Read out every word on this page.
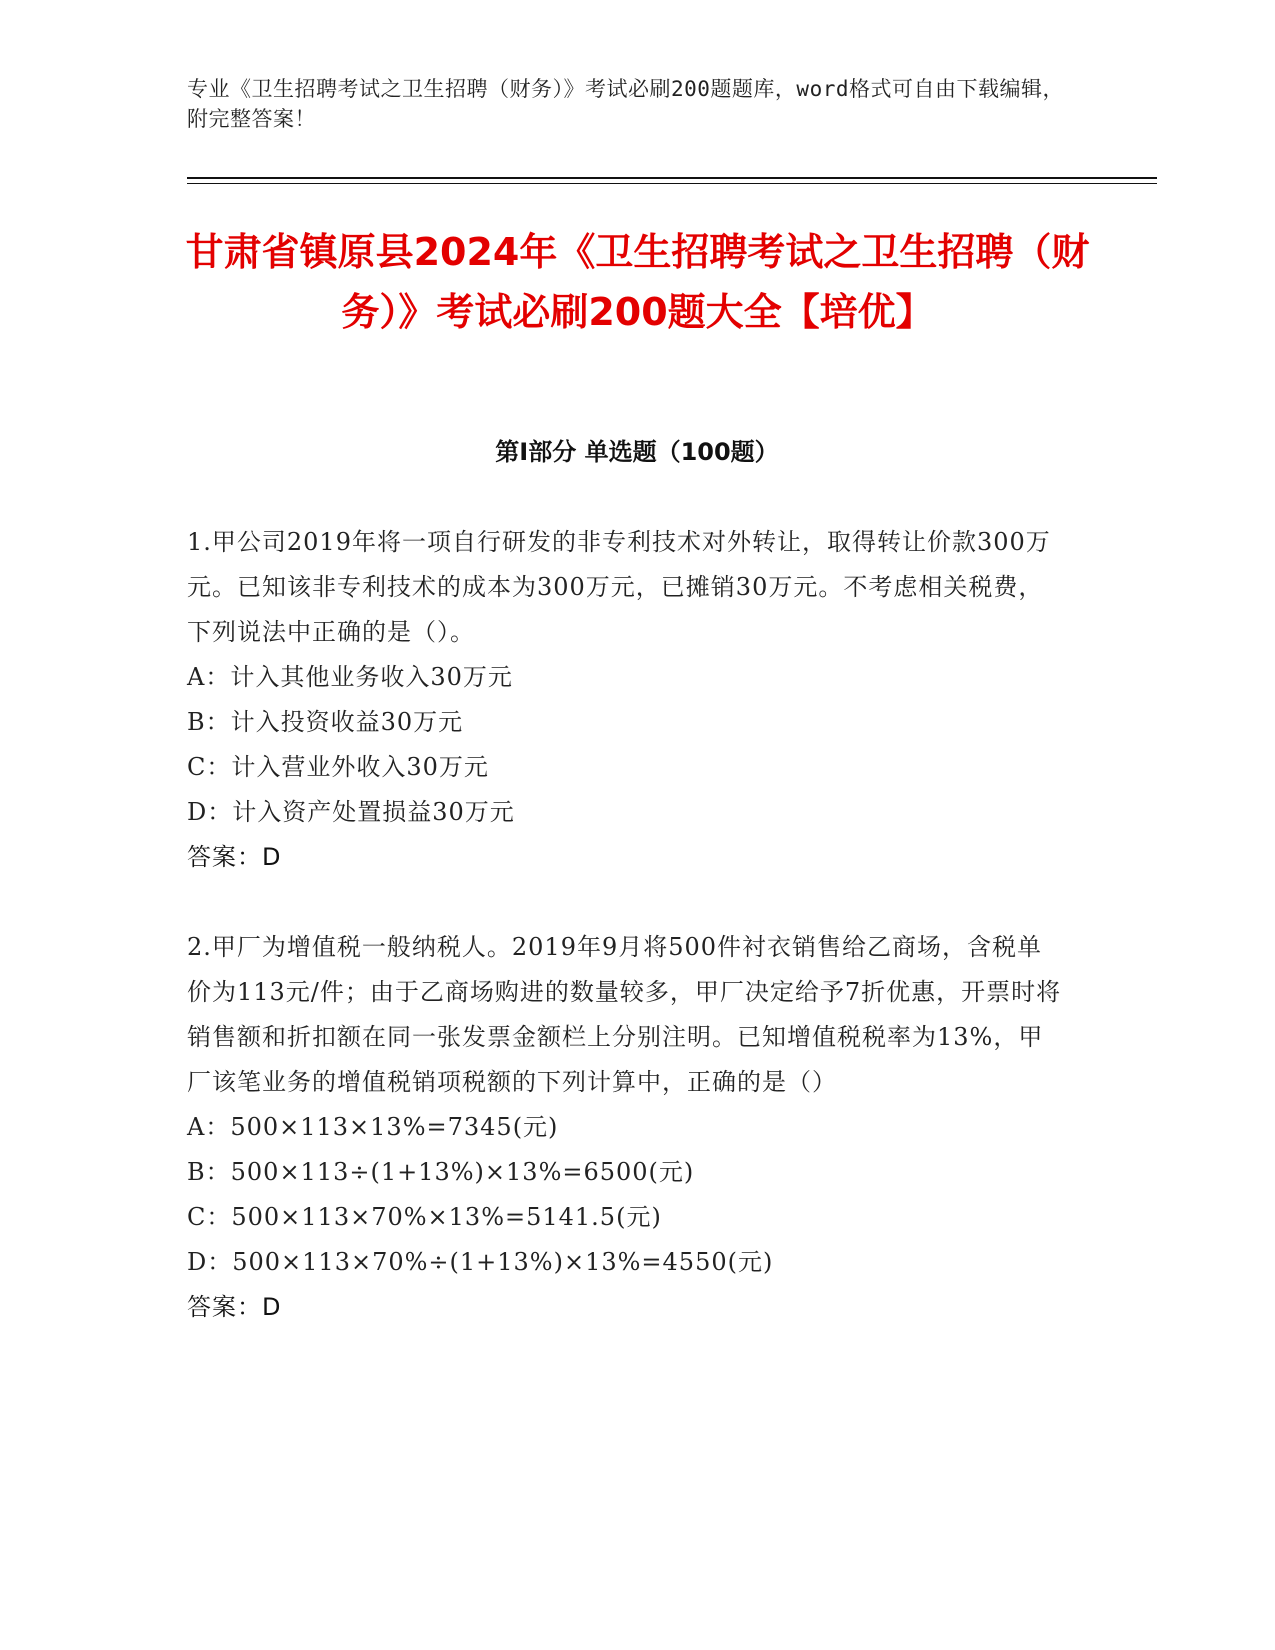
专业《卫生招聘考试之卫生招聘（财务）》考试必刷200题题库，word格式可自由下载编辑，附完整答案！
甘肃省镇原县2024年《卫生招聘考试之卫生招聘（财务）》考试必刷200题大全【培优】
第Ⅰ部分 单选题（100题）

1.甲公司2019年将一项自行研发的非专利技术对外转让，取得转让价款300万元。已知该非专利技术的成本为300万元，已摊销30万元。不考虑相关税费，下列说法中正确的是（）。

A：计入其他业务收入30万元

B：计入投资收益30万元

C：计入营业外收入30万元

D：计入资产处置损益30万元

答案：D

2.甲厂为增值税一般纳税人。2019年9月将500件衬衣销售给乙商场，含税单价为113元/件；由于乙商场购进的数量较多，甲厂决定给予7折优惠，开票时将销售额和折扣额在同一张发票金额栏上分别注明。已知增值税税率为13%，甲厂该笔业务的增值税销项税额的下列计算中，正确的是（）

A：500×113×13%=7345(元)

B：500×113÷(1+13%)×13%=6500(元)

C：500×113×70%×13%=5141.5(元)

D：500×113×70%÷(1+13%)×13%=4550(元)

答案：D
